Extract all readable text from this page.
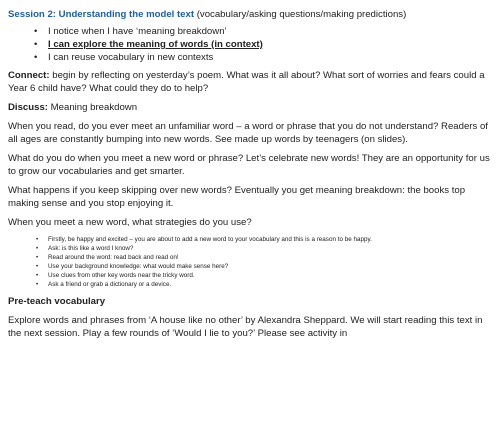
Session 2: Understanding the model text (vocabulary/asking questions/making predictions)
• I notice when I have ‘meaning breakdown’
• I can explore the meaning of words (in context)
• I can reuse vocabulary in new contexts

Connect: begin by reflecting on yesterday’s poem. What was it all about? What sort of worries and fears could a Year 6 child have? What could they do to help?

Discuss: Meaning breakdown

When you read, do you ever meet an unfamiliar word – a word or phrase that you do not understand? Readers of all ages are constantly bumping into new words. See made up words by teenagers (on slides).

What do you do when you meet a new word or phrase? Let’s celebrate new words! They are an opportunity for us to grow our vocabularies and get smarter.

What happens if you keep skipping over new words? Eventually you get meaning breakdown: the books top making sense and you stop enjoying it.

When you meet a new word, what strategies do you use?

• Firstly, be happy and excited – you are about to add a new word to your vocabulary and this is a reason to be happy.
• Ask: is this like a word I know?
• Read around the word: read back and read on!
• Use your background knowledge: what would make sense here?
• Use clues from other key words near the tricky word.
• Ask a friend or grab a dictionary or a device.
Pre-teach vocabulary

Explore words and phrases from ‘A house like no other’ by Alexandra Sheppard. We will start reading this text in the next session. Play a few rounds of ‘Would I lie to you?’ Please see activity in
